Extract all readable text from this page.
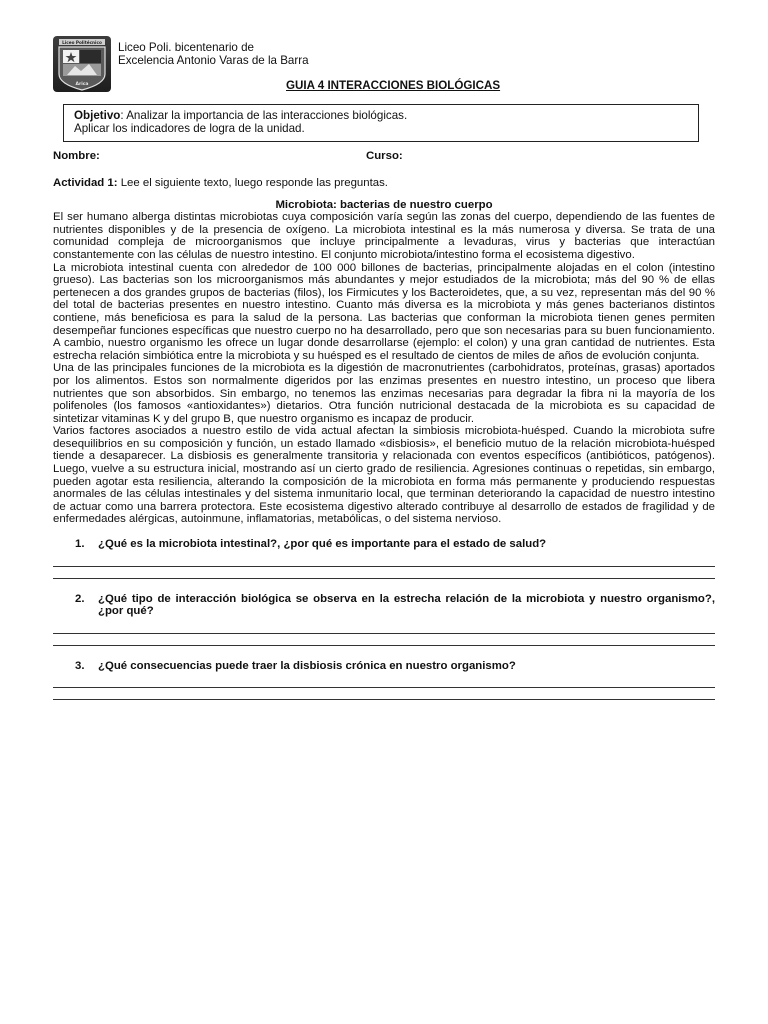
Liceo Politécnico
Arica
Liceo Poli. bicentenario de
Excelencia Antonio Varas de la Barra
GUIA 4 INTERACCIONES BIOLÓGICAS
Objetivo: Analizar la importancia de las interacciones biológicas.
Aplicar los indicadores de logra de la unidad.
Nombre:	Curso:
Actividad 1: Lee el siguiente texto, luego responde las preguntas.
Microbiota: bacterias de nuestro cuerpo

El ser humano alberga distintas microbiotas cuya composición varía según las zonas del cuerpo, dependiendo de las fuentes de nutrientes disponibles y de la presencia de oxígeno. La microbiota intestinal es la más numerosa y diversa. Se trata de una comunidad compleja de microorganismos que incluye principalmente a levaduras, virus y bacterias que interactúan constantemente con las células de nuestro intestino. El conjunto microbiota/intestino forma el ecosistema digestivo.

La microbiota intestinal cuenta con alrededor de 100 000 billones de bacterias, principalmente alojadas en el colon (intestino grueso). Las bacterias son los microorganismos más abundantes y mejor estudiados de la microbiota; más del 90 % de ellas pertenecen a dos grandes grupos de bacterias (filos), los Firmicutes y los Bacteroidetes, que, a su vez, representan más del 90 % del total de bacterias presentes en nuestro intestino. Cuanto más diversa es la microbiota y más genes bacterianos distintos contiene, más beneficiosa es para la salud de la persona. Las bacterias que conforman la microbiota tienen genes permiten desempeñar funciones específicas que nuestro cuerpo no ha desarrollado, pero que son necesarias para su buen funcionamiento. A cambio, nuestro organismo les ofrece un lugar donde desarrollarse (ejemplo: el colon) y una gran cantidad de nutrientes. Esta estrecha relación simbiótica entre la microbiota y su huésped es el resultado de cientos de miles de años de evolución conjunta.

Una de las principales funciones de la microbiota es la digestión de macronutrientes (carbohidratos, proteínas, grasas) aportados por los alimentos. Estos son normalmente digeridos por las enzimas presentes en nuestro intestino, un proceso que libera nutrientes que son absorbidos. Sin embargo, no tenemos las enzimas necesarias para degradar la fibra ni la mayoría de los polifenoles (los famosos «antioxidantes») dietarios. Otra función nutricional destacada de la microbiota es su capacidad de sintetizar vitaminas K y del grupo B, que nuestro organismo es incapaz de producir.

Varios factores asociados a nuestro estilo de vida actual afectan la simbiosis microbiota-huésped. Cuando la microbiota sufre desequilibrios en su composición y función, un estado llamado «disbiosis», el beneficio mutuo de la relación microbiota-huésped tiende a desaparecer. La disbiosis es generalmente transitoria y relacionada con eventos específicos (antibióticos, patógenos). Luego, vuelve a su estructura inicial, mostrando así un cierto grado de resiliencia. Agresiones continuas o repetidas, sin embargo, pueden agotar esta resiliencia, alterando la composición de la microbiota en forma más permanente y produciendo respuestas anormales de las células intestinales y del sistema inmunitario local, que terminan deteriorando la capacidad de nuestro intestino de actuar como una barrera protectora. Este ecosistema digestivo alterado contribuye al desarrollo de estados de fragilidad y de enfermedades alérgicas, autoinmune, inflamatorias, metabólicas, o del sistema nervioso.

1. ¿Qué es la microbiota intestinal?, ¿por qué es importante para el estado de salud?
2. ¿Qué tipo de interacción biológica se observa en la estrecha relación de la microbiota y nuestro organismo?, ¿por qué?
3. ¿Qué consecuencias puede traer la disbiosis crónica en nuestro organismo?
